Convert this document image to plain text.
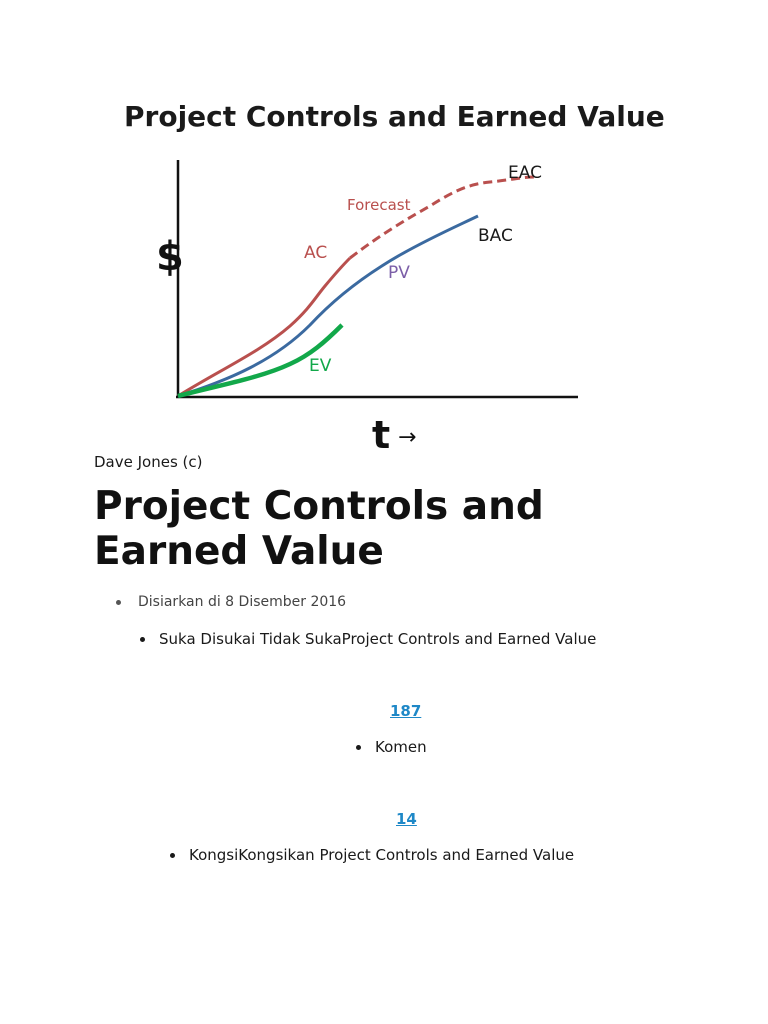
Project Controls and Earned Value
$
t →
EAC
Forecast
BAC
AC
PV
EV
Dave Jones (c)
Project Controls and Earned Value
Disiarkan di 8 Disember 2016
Suka Disukai Tidak SukaProject Controls and Earned Value
Komen
KongsiKongsikan Project Controls and Earned Value
187
14
